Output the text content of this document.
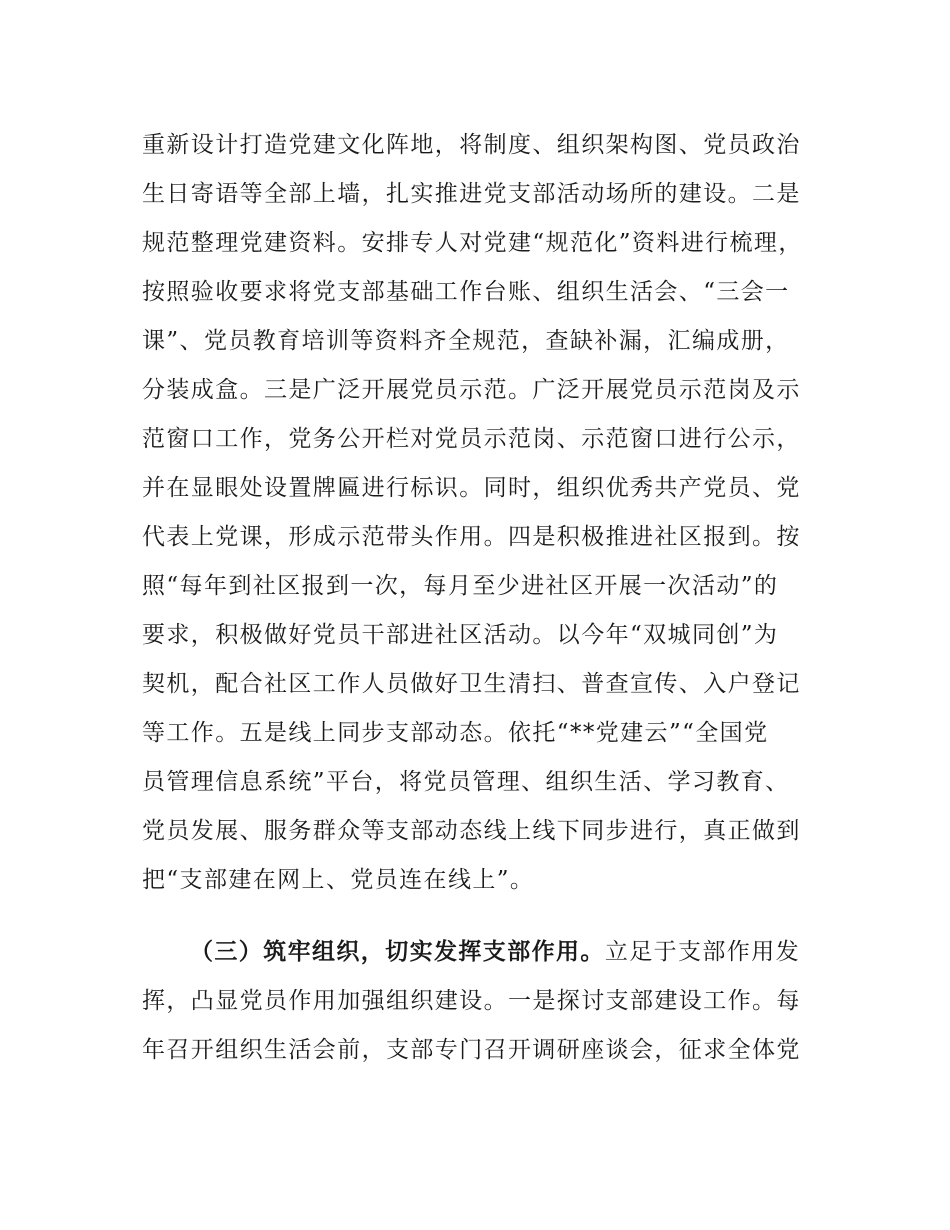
重新设计打造党建文化阵地，将制度、组织架构图、党员政治
生日寄语等全部上墙，扎实推进党支部活动场所的建设。二是
规范整理党建资料。安排专人对党建“规范化”资料进行梳理，
按照验收要求将党支部基础工作台账、组织生活会、“三会一
课”、党员教育培训等资料齐全规范，查缺补漏，汇编成册，
分装成盒。三是广泛开展党员示范。广泛开展党员示范岗及示
范窗口工作，党务公开栏对党员示范岗、示范窗口进行公示，
并在显眼处设置牌匾进行标识。同时，组织优秀共产党员、党
代表上党课，形成示范带头作用。四是积极推进社区报到。按
照“每年到社区报到一次，每月至少进社区开展一次活动”的
要求，积极做好党员干部进社区活动。以今年“双城同创”为
契机，配合社区工作人员做好卫生清扫、普查宣传、入户登记
等工作。五是线上同步支部动态。依托“**党建云”“全国党
员管理信息系统”平台，将党员管理、组织生活、学习教育、
党员发展、服务群众等支部动态线上线下同步进行，真正做到
把“支部建在网上、党员连在线上”。
（三）筑牢组织，切实发挥支部作用。立足于支部作用发
挥，凸显党员作用加强组织建设。一是探讨支部建设工作。每
年召开组织生活会前，支部专门召开调研座谈会，征求全体党
